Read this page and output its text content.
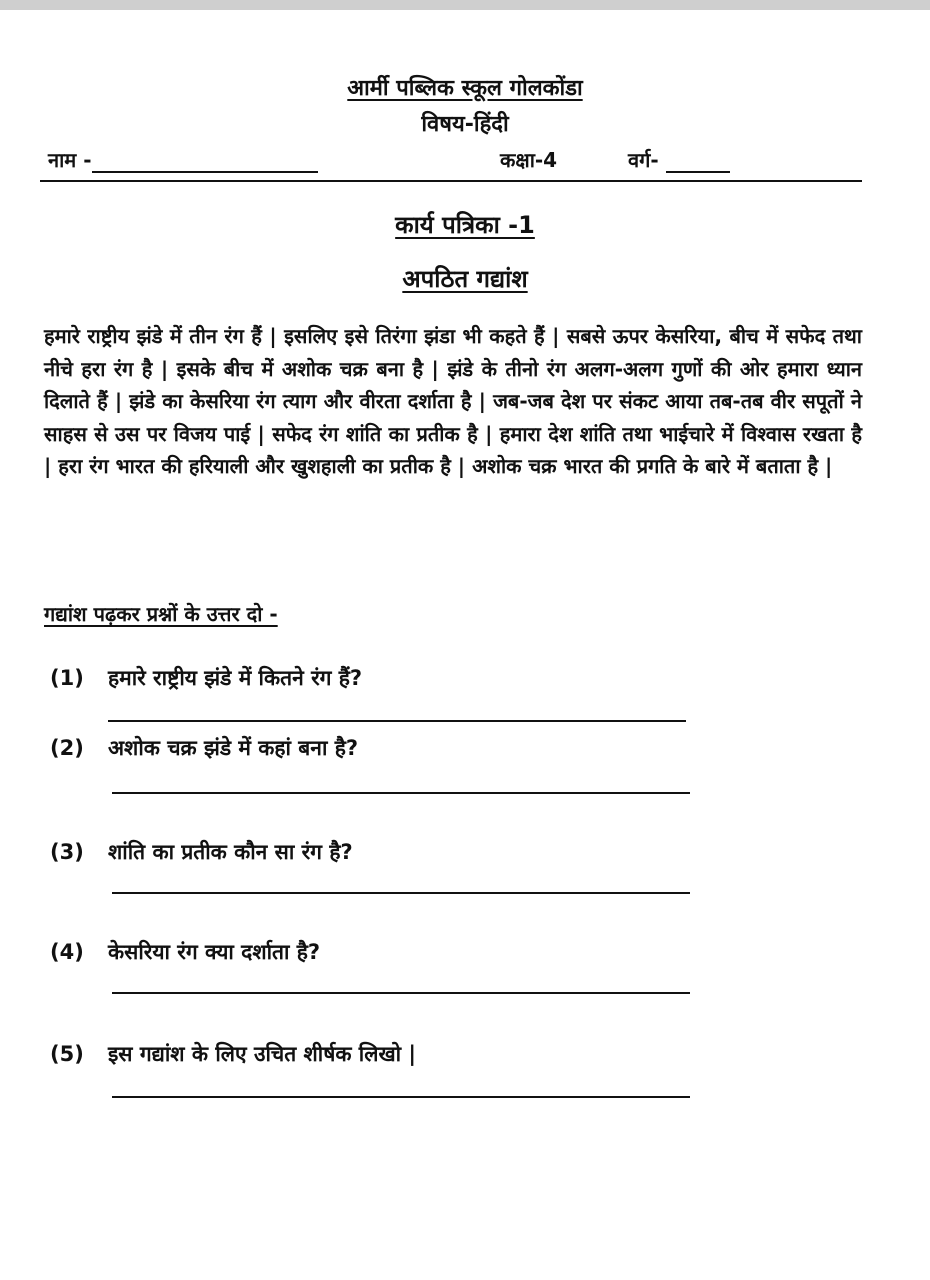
आर्मी पब्लिक स्कूल गोलकोंडा
विषय-हिंदी
नाम -	कक्षा-4	वर्ग-
कार्य पत्रिका -1
अपठित गद्यांश
हमारे राष्ट्रीय झंडे में तीन रंग हैं | इसलिए इसे तिरंगा झंडा भी कहते हैं | सबसे ऊपर केसरिया, बीच में सफेद तथा नीचे हरा रंग है | इसके बीच में अशोक चक्र बना है | झंडे के तीनो रंग अलग-अलग गुणों की ओर हमारा ध्यान दिलाते हैं | झंडे का केसरिया रंग त्याग और वीरता दर्शाता है | जब-जब देश पर संकट आया तब-तब वीर सपूतों ने साहस से उस पर विजय पाई | सफेद रंग शांति का प्रतीक है | हमारा देश शांति तथा भाईचारे में विश्वास रखता है | हरा रंग भारत की हरियाली और खुशहाली का प्रतीक है | अशोक चक्र भारत की प्रगति के बारे में बताता है |
गद्यांश पढ़कर प्रश्नों के उत्तर दो -
(1) हमारे राष्ट्रीय झंडे में कितने रंग हैं?
(2) अशोक चक्र झंडे में कहां बना है?
(3) शांति का प्रतीक कौन सा रंग है?
(4) केसरिया रंग क्या दर्शाता है?
(5) इस गद्यांश के लिए उचित शीर्षक लिखो |
